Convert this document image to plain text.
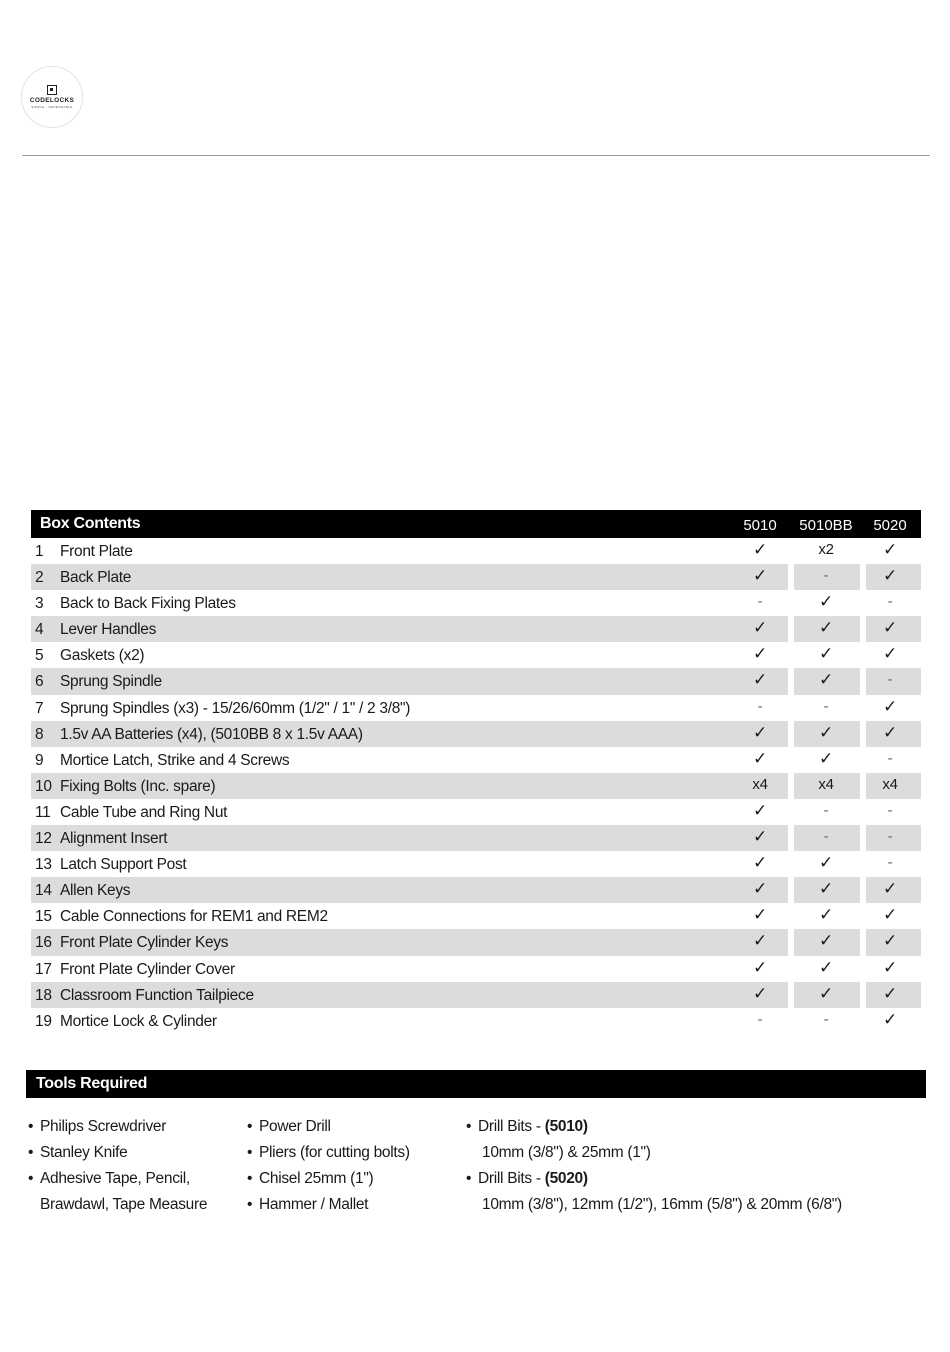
CODELOCKS
SIMPLE · DEPENDABLE
Box Contents	5010	5010BB	5020
1 Front Plate	✓	x2	✓
2 Back Plate	✓	-	✓
3 Back to Back Fixing Plates	-	✓	-
4 Lever Handles	✓	✓	✓
5 Gaskets (x2)	✓	✓	✓
6 Sprung Spindle	✓	✓	-
7 Sprung Spindles (x3) - 15/26/60mm (1/2" / 1" / 2 3/8")	-	-	✓
8 1.5v AA Batteries (x4), (5010BB 8 x 1.5v AAA)	✓	✓	✓
9 Mortice Latch, Strike and 4 Screws	✓	✓	-
10 Fixing Bolts (Inc. spare)	x4	x4	x4
11 Cable Tube and Ring Nut	✓	-	-
12 Alignment Insert	✓	-	-
13 Latch Support Post	✓	✓	-
14 Allen Keys	✓	✓	✓
15 Cable Connections for REM1 and REM2	✓	✓	✓
16 Front Plate Cylinder Keys	✓	✓	✓
17 Front Plate Cylinder Cover	✓	✓	✓
18 Classroom Function Tailpiece	✓	✓	✓
19 Mortice Lock & Cylinder	-	-	✓
Tools Required
• Philips Screwdriver
• Stanley Knife
• Adhesive Tape, Pencil,
Brawdawl, Tape Measure
• Power Drill
• Pliers (for cutting bolts)
• Chisel 25mm (1")
• Hammer / Mallet
• Drill Bits - (5010)
10mm (3/8") & 25mm (1")
• Drill Bits - (5020)
10mm (3/8"), 12mm (1/2"), 16mm (5/8") & 20mm (6/8")
